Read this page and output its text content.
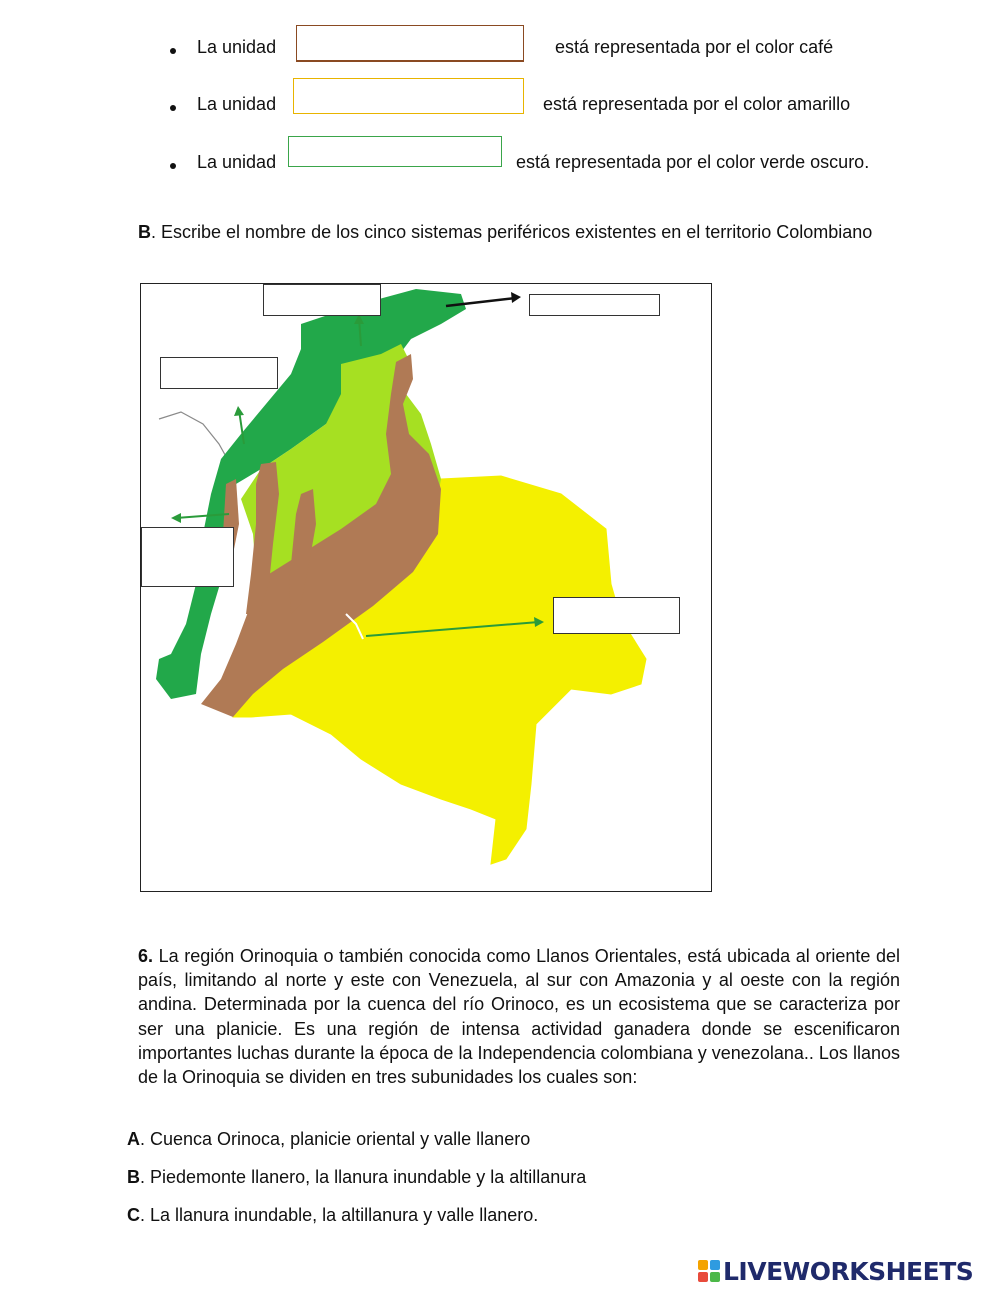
La unidad	está representada por el color café
La unidad	está representada por el color amarillo
La unidad	está representada por el color verde oscuro.
B. Escribe el nombre de los cinco sistemas periféricos existentes en el territorio Colombiano
6. La región Orinoquia o también conocida como Llanos Orientales, está ubicada al oriente del país, limitando al norte y este con Venezuela, al sur con Amazonia y al oeste con la región andina. Determinada por la cuenca del río Orinoco, es un ecosistema que se caracteriza por ser una planicie. Es una región de intensa actividad ganadera donde se escenificaron importantes luchas durante la época de la Independencia colombiana y venezolana.. Los llanos de la Orinoquia se dividen en tres subunidades los cuales son:
A. Cuenca Orinoca, planicie oriental y valle llanero
B. Piedemonte llanero, la llanura inundable y la altillanura
C. La llanura inundable, la altillanura y valle llanero.
LIVEWORKSHEETS
